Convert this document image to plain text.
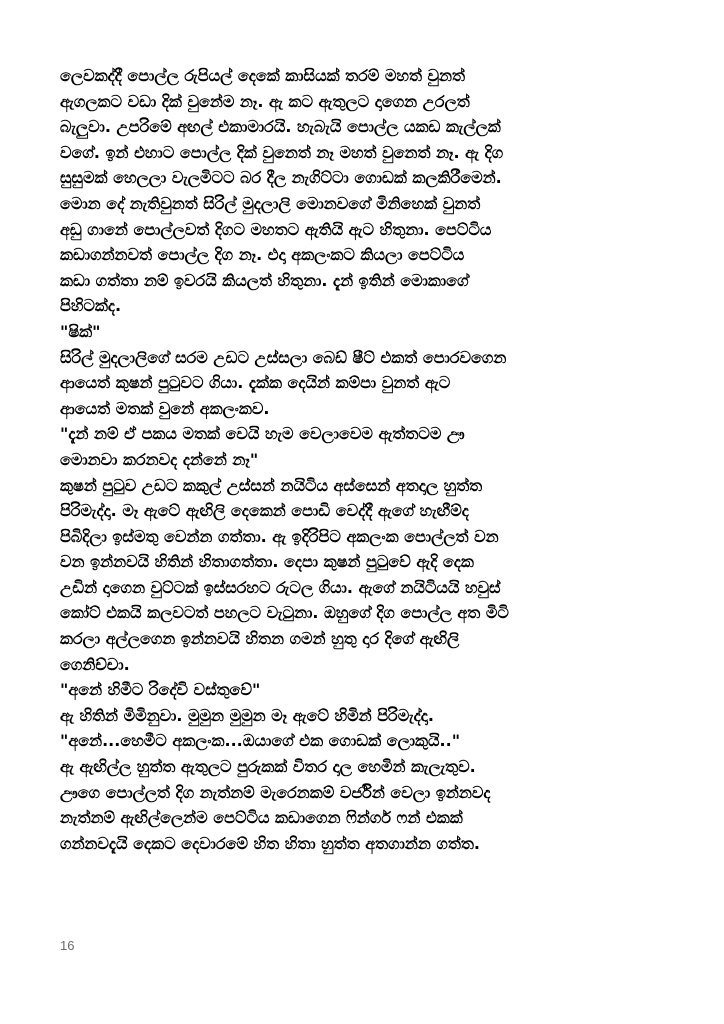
ලෙවකද්දී පොල්ල රුපියල් දෙකේ කාසියක් තරම් මහත් වුනත්
ඇගලකට වඩා දික් වුනේම නෑ. ඇ කට ඇතුලට දාගෙන උරලත්
බැලුවා. උපරිමේ අඟල් එකාමාරයි. හැබැයි පොල්ල යකඩ කැල්ලක්
වගේ. ඉන් එහාට පොල්ල දික් වුනෙත් නෑ මහත් වුනෙත් නෑ. ඇ දිග
සුසුමක් හෙලලා වැලමිටට බර දීල නැගිට්ටා ගොඩක් කලකිරීමෙන්.
මොන දේ නැතිවුනත් සිරිල් මුදලාලි මොනවගේ මිනිහෙක් වුනත්
අඩු ගානේ පොල්ලවත් දිගට මහතට ඇතියි ඇට හිතුනා. පෙට්ටිය
කඩාගන්නවත් පොල්ල දිග නෑ. එදා අකලංකට කියලා පෙට්ටිය
කඩා ගත්තා නම් ඉවරයි කියලත් හිතුනා. දැන් ඉතින් මොකාගේ
පිහිටක්ද.
"ෂික්"
සිරිල් මුදලාලිගේ සරම උඩට උස්සලා බෙඩ් ෂීට් එකත් පොරවගෙන
ආයෙත් කුෂන් පුටුවට ගියා. දැක්ක දෙයින් කම්පා වුනත් ඇට
ආයෙත් මතක් වුනේ අකලංකව.
"දැන් නම් ඒ පකය මතක් වෙයි හැම වෙලාවෙම ඇත්තටම ඌ
මොනවා කරනවද දන්නේ නෑ"
කුෂන් පුටුව උඩට කකුල් උස්සන් නයිටිය අස්සෙන් අතදාල හුත්ත
පිරිමැද්දා. මෑ ඇටේ ඇඟිලි දෙකෙන් පොඩි වෙද්දී ඇගේ හැඟීම්ද
පිබිදිලා ඉස්මතු වෙන්න ගත්තා. ඇ ඉදිරිපිට අකලංක පොල්ලත් වන
වන ඉන්නවයි හිතින් හිතාගත්තා. දෙපා කුෂන් පුටුවේ ඇදි දෙක
උඩින් දාගෙන වුට්ටක් ඉස්සරහට රුටල ගියා. ඇගේ නයිටියයි හවුස්
කෝට් එකයි කලවටත් පහලට වැටුනා. ඔහුගේ දිග පොල්ල අත මිටි
කරලා අල්ලගෙන ඉන්නවයි හිතන ගමන් හුතු දාර දිගේ ඇඟිලි
ගෙනිච්චා.
"අනේ හිමීට රිදේවි වස්තුවේ"
ඇ හිතින් මිමිනුවා. මුමුන මුමුන මෑ ඇටේ හිමින් පිරිමැද්දා.
"අනේ...හෙමීට අකලංක...ඔයාගේ එක ගොඩක් ලොකුයි.."
ඇ ඇඟිල්ල හුත්ත ඇතුලට පුරුකක් විතර දාල හෙමින් කැලැතුව.
ඌගෙ පොල්ලත් දිග නැත්නම් මැරෙනකම් වර්ජින් වෙලා ඉන්නවද
නැත්නම් ඇඟිල්ලෙන්ම පෙට්ටිය කඩාගෙන ෆින්ගර් ෆන් එකක්
ගන්නවදැයි දෙකට දෙවාරමේ හිත හිතා හුත්ත අතගාන්න ගත්ත.
16
